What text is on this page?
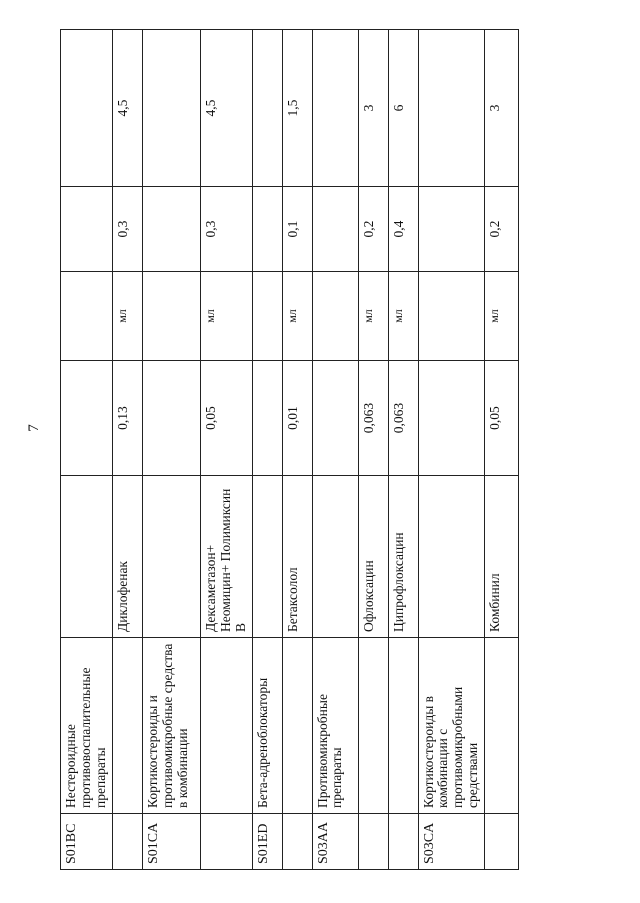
7
S01BC	Нестероидные противовоспалительные препараты					
		Диклофенак	0,13	мл	0,3	4,5
S01CA	Кортикостероиды и противомикробные средства в комбинации					
		Дексаметазон+ Неомицин+ Полимиксин В	0,05	мл	0,3	4,5
S01ED	Бета-адреноблокаторы					
		Бетаксолол	0,01	мл	0,1	1,5
S03AA	Противомикробные препараты					
		Офлоксацин	0,063	мл	0,2	3
		Ципрофлоксацин	0,063	мл	0,4	6
S03CA	Кортикостероиды в комбинации с противомикробными средствами					
		Комбинил	0,05	мл	0,2	3
